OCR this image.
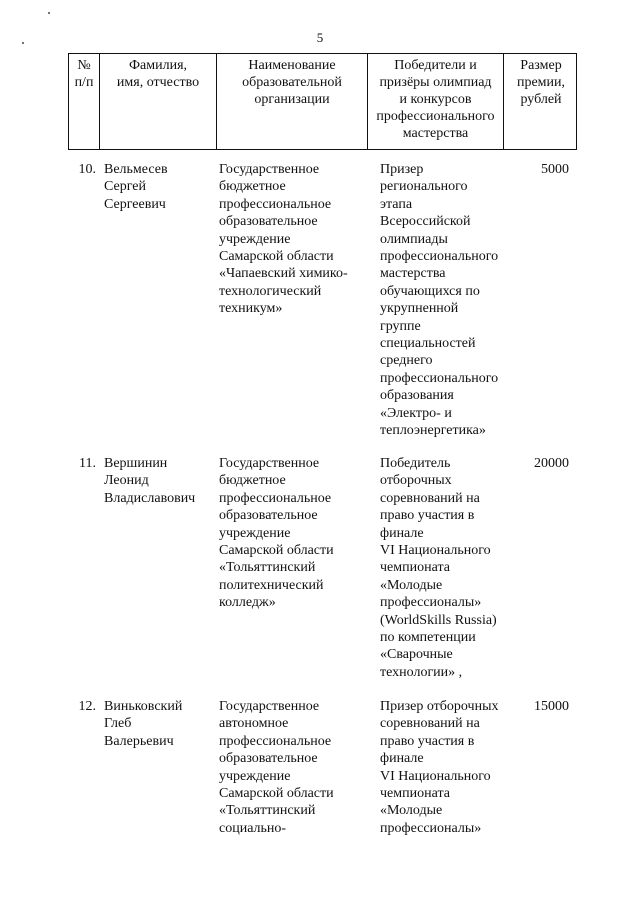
5
№
п/п
Фамилия,
имя, отчество
Наименование
образовательной
организации
Победители и
призёры олимпиад
и конкурсов
профессионального
мастерства
Размер
премии,
рублей
10. Вельмесев
Сергей
Сергеевич
Государственное
бюджетное
профессиональное
образовательное
учреждение
Самарской области
«Чапаевский химико-
технологический
техникум»
Призер
регионального
этапа
Всероссийской
олимпиады
профессионального
мастерства
обучающихся по
укрупненной
группе
специальностей
среднего
профессионального
образования
«Электро- и
теплоэнергетика»
5000
11. Вершинин
Леонид
Владиславович
Государственное
бюджетное
профессиональное
образовательное
учреждение
Самарской области
«Тольяттинский
политехнический
колледж»
Победитель
отборочных
соревнований на
право участия в
финале
VI Национального
чемпионата
«Молодые
профессионалы»
(WorldSkills Russia)
по компетенции
«Сварочные
технологии» ,
20000
12. Виньковский
Глеб
Валерьевич
Государственное
автономное
профессиональное
образовательное
учреждение
Самарской области
«Тольяттинский
социально-
Призер отборочных
соревнований на
право участия в
финале
VI Национального
чемпионата
«Молодые
профессионалы»
15000
